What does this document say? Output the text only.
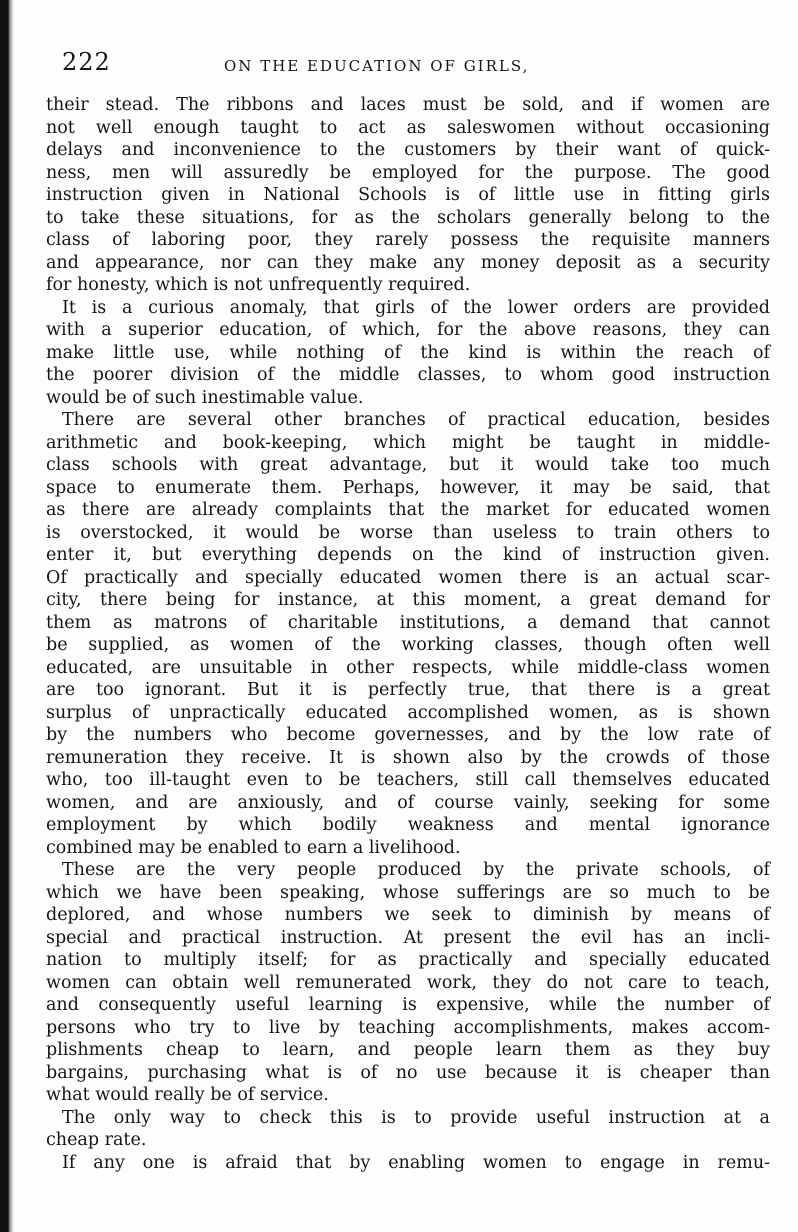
222	ON THE EDUCATION OF GIRLS,
their stead. The ribbons and laces must be sold, and if women are
not well enough taught to act as saleswomen without occasioning
delays and inconvenience to the customers by their want of quick-
ness, men will assuredly be employed for the purpose. The good
instruction given in National Schools is of little use in fitting girls
to take these situations, for as the scholars generally belong to the
class of laboring poor, they rarely possess the requisite manners
and appearance, nor can they make any money deposit as a security
for honesty, which is not unfrequently required.
It is a curious anomaly, that girls of the lower orders are provided
with a superior education, of which, for the above reasons, they can
make little use, while nothing of the kind is within the reach of
the poorer division of the middle classes, to whom good instruction
would be of such inestimable value.
There are several other branches of practical education, besides
arithmetic and book-keeping, which might be taught in middle-
class schools with great advantage, but it would take too much
space to enumerate them. Perhaps, however, it may be said, that
as there are already complaints that the market for educated women
is overstocked, it would be worse than useless to train others to
enter it, but everything depends on the kind of instruction given.
Of practically and specially educated women there is an actual scar-
city, there being for instance, at this moment, a great demand for
them as matrons of charitable institutions, a demand that cannot
be supplied, as women of the working classes, though often well
educated, are unsuitable in other respects, while middle-class women
are too ignorant. But it is perfectly true, that there is a great
surplus of unpractically educated accomplished women, as is shown
by the numbers who become governesses, and by the low rate of
remuneration they receive. It is shown also by the crowds of those
who, too ill-taught even to be teachers, still call themselves educated
women, and are anxiously, and of course vainly, seeking for some
employment by which bodily weakness and mental ignorance
combined may be enabled to earn a livelihood.
These are the very people produced by the private schools, of
which we have been speaking, whose sufferings are so much to be
deplored, and whose numbers we seek to diminish by means of
special and practical instruction. At present the evil has an incli-
nation to multiply itself; for as practically and specially educated
women can obtain well remunerated work, they do not care to teach,
and consequently useful learning is expensive, while the number of
persons who try to live by teaching accomplishments, makes accom-
plishments cheap to learn, and people learn them as they buy
bargains, purchasing what is of no use because it is cheaper than
what would really be of service.
The only way to check this is to provide useful instruction at a
cheap rate.
If any one is afraid that by enabling women to engage in remu-
